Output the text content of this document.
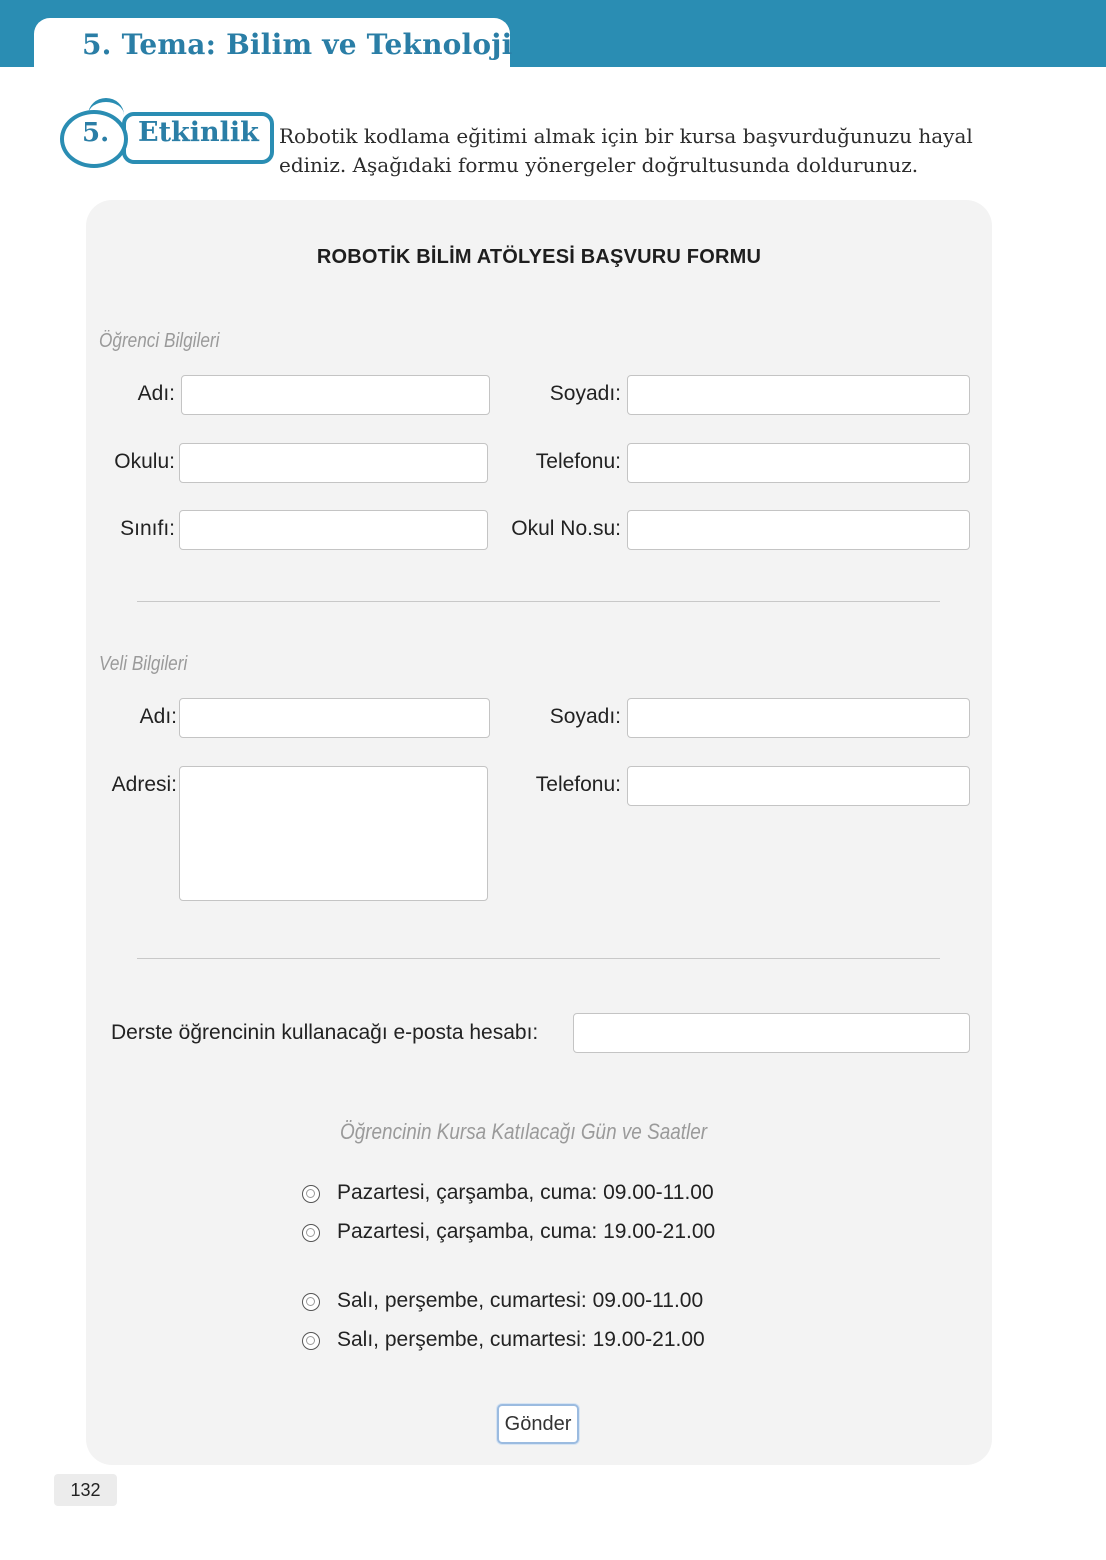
5. Tema: Bilim ve Teknoloji
5. Etkinlik Robotik kodlama eğitimi almak için bir kursa başvurduğunuzu hayal
ediniz. Aşağıdaki formu yönergeler doğrultusunda doldurunuz.
ROBOTİK BİLİM ATÖLYESİ BAŞVURU FORMU
Öğrenci Bilgileri
Adı:	Soyadı:
Okulu:	Telefonu:
Sınıfı:	Okul No.su:
Veli Bilgileri
Adı:	Soyadı:
Adresi:	Telefonu:
Derste öğrencinin kullanacağı e-posta hesabı:
Öğrencinin Kursa Katılacağı Gün ve Saatler
Pazartesi, çarşamba, cuma: 09.00-11.00
Pazartesi, çarşamba, cuma: 19.00-21.00
Salı, perşembe, cumartesi: 09.00-11.00
Salı, perşembe, cumartesi: 19.00-21.00
Gönder
132
